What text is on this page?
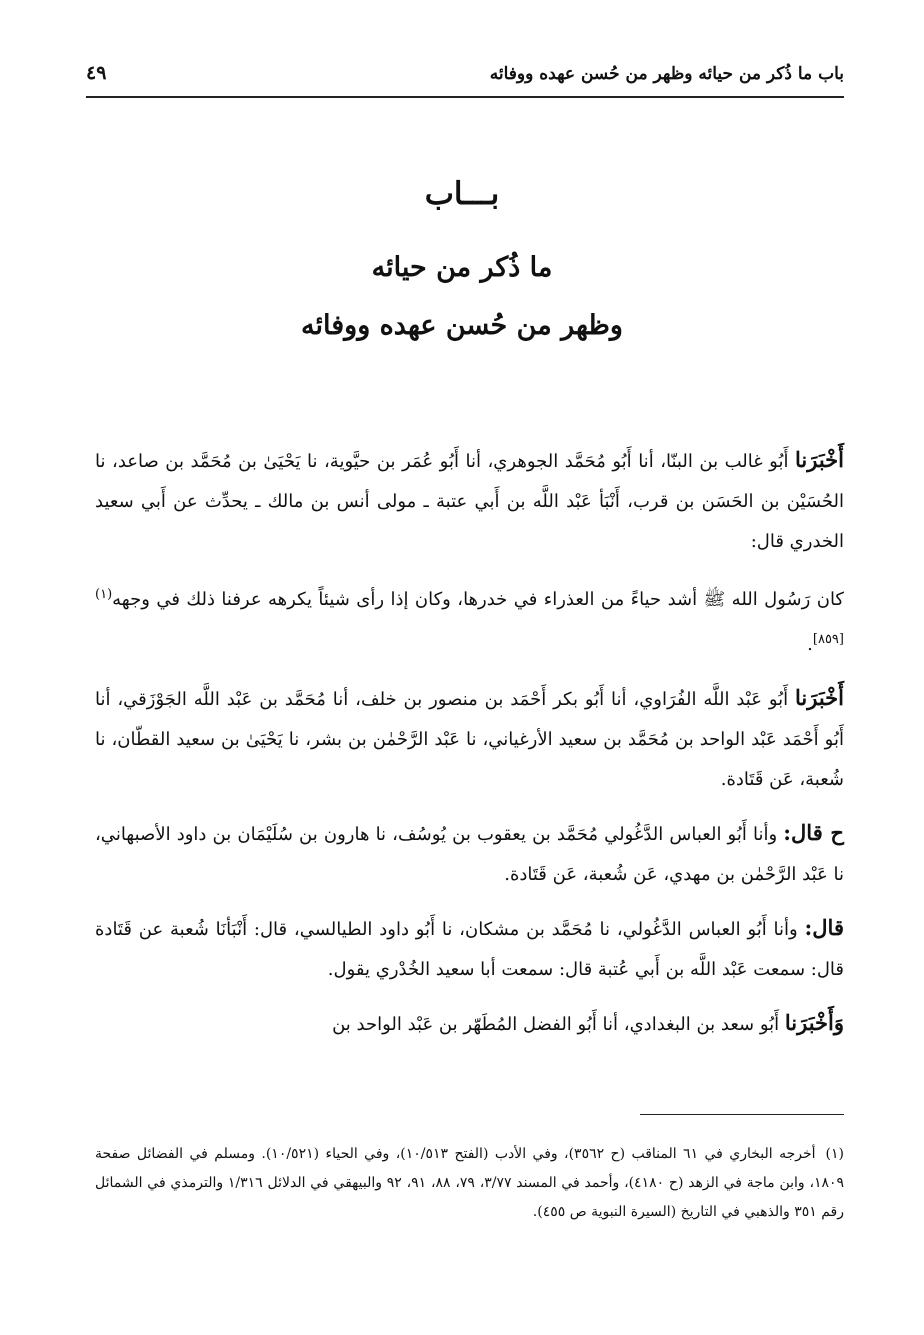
باب ما ذُكر من حيائه وظهر من حُسن عهده ووفائه
٤٩
بـــاب
ما ذُكر من حيائه
وظهر من حُسن عهده ووفائه

أَخْبَرَنا أَبُو غالب بن البنّا، أنا أَبُو مُحَمَّد الجوهري، أنا أَبُو عُمَر بن حيَّوية، نا يَحْيَىٰ بن مُحَمَّد بن صاعد، نا الحُسَيْن بن الحَسَن بن قرب، أَنْبَأ عَبْد اللَّه بن أَبي عتبة ـ مولى أنس بن مالك ـ يحدِّث عن أَبي سعيد الخدري قال:

كان رَسُول الله ﷺ أشد حياءً من العذراء في خدرها، وكان إذا رأى شيئاً يكرهه عرفنا ذلك في وجهه$^{(١)[٨٥٩]}$.

أَخْبَرَنا أَبُو عَبْد اللَّه الفُرَاوي، أنا أَبُو بكر أَحْمَد بن منصور بن خلف، أنا مُحَمَّد بن عَبْد اللَّه الجَوْزَقي، أنا أَبُو أَحْمَد عَبْد الواحد بن مُحَمَّد بن سعيد الأرغياني، نا عَبْد الرَّحْمٰن بن بشر، نا يَحْيَىٰ بن سعيد القطّان، نا شُعبة، عَن قَتَادة.

ح قال: وأنا أَبُو العباس الدَّغُولي مُحَمَّد بن يعقوب بن يُوسُف، نا هارون بن سُلَيْمَان بن داود الأصبهاني، نا عَبْد الرَّحْمٰن بن مهدي، عَن شُعبة، عَن قَتَادة.

قال: وأنا أَبُو العباس الدَّغُولي، نا مُحَمَّد بن مشكان، نا أَبُو داود الطيالسي، قال: أَنْبَأنَا شُعبة عن قَتَادة قال: سمعت عَبْد اللَّه بن أَبي عُتبة قال: سمعت أبا سعيد الخُدْري يقول.

وَأَخْبَرَنا أَبُو سعد بن البغدادي، أنا أَبُو الفضل المُطَهّر بن عَبْد الواحد بن

(١)أخرجه البخاري في ٦١ المناقب (ح ٣٥٦٢)، وفي الأدب (الفتح ١٠/٥١٣)، وفي الحياء (١٠/٥٢١). ومسلم في الفضائل صفحة ١٨٠٩، وابن ماجة في الزهد (ح ٤١٨٠)، وأحمد في المسند ٣/٧٧، ٧٩، ٨٨، ٩١، ٩٢ والبيهقي في الدلائل ١/٣١٦ والترمذي في الشمائل رقم ٣٥١ والذهبي في التاريخ (السيرة النبوية ص ٤٥٥).
